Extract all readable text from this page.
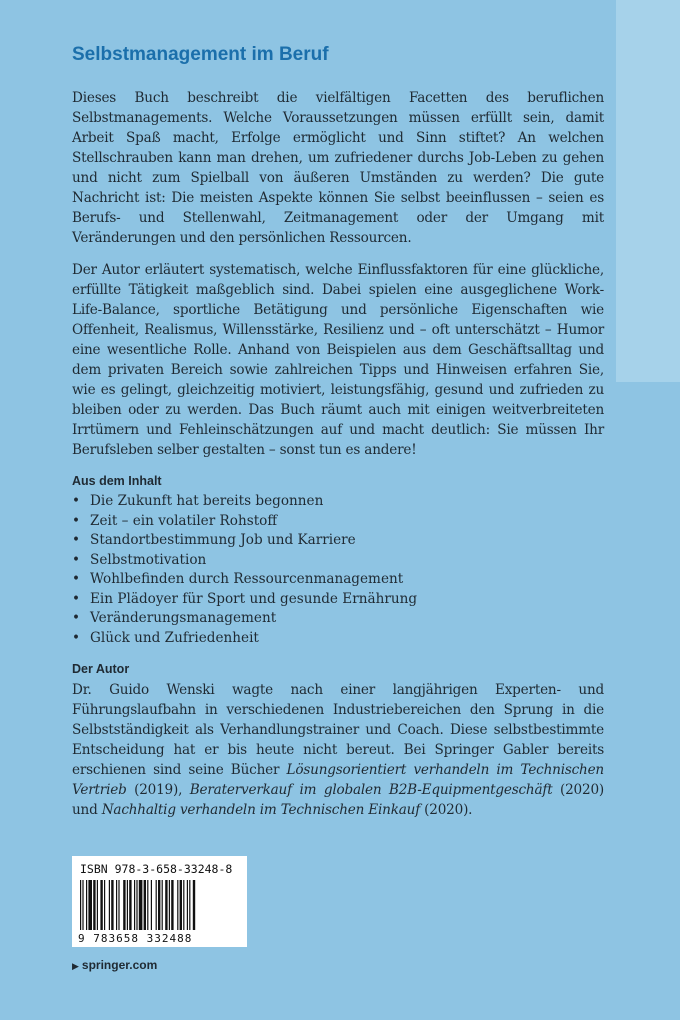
Selbstmanagement im Beruf

Dieses Buch beschreibt die vielfältigen Facetten des beruflichen Selbstmanagements. Welche Voraussetzungen müssen erfüllt sein, damit Arbeit Spaß macht, Erfolge ermöglicht und Sinn stiftet? An welchen Stellschrauben kann man drehen, um zufriedener durchs Job-Leben zu gehen und nicht zum Spielball von äußeren Umständen zu werden? Die gute Nachricht ist: Die meisten Aspekte können Sie selbst beeinflussen – seien es Berufs- und Stellenwahl, Zeitmanagement oder der Umgang mit Veränderungen und den persönlichen Ressourcen.

Der Autor erläutert systematisch, welche Einflussfaktoren für eine glückliche, erfüllte Tätigkeit maßgeblich sind. Dabei spielen eine ausgeglichene Work-Life-Balance, sportliche Betätigung und persönliche Eigenschaften wie Offenheit, Realismus, Willensstärke, Resilienz und – oft unterschätzt – Humor eine wesentliche Rolle. Anhand von Beispielen aus dem Geschäftsalltag und dem privaten Bereich sowie zahlreichen Tipps und Hinweisen erfahren Sie, wie es gelingt, gleichzeitig motiviert, leistungsfähig, gesund und zufrieden zu bleiben oder zu werden. Das Buch räumt auch mit einigen weitverbreiteten Irrtümern und Fehleinschätzungen auf und macht deutlich: Sie müssen Ihr Berufsleben selber gestalten – sonst tun es andere!

Aus dem Inhalt
• Die Zukunft hat bereits begonnen
• Zeit – ein volatiler Rohstoff
• Standortbestimmung Job und Karriere
• Selbstmotivation
• Wohlbefinden durch Ressourcenmanagement
• Ein Plädoyer für Sport und gesunde Ernährung
• Veränderungsmanagement
• Glück und Zufriedenheit
Der Autor

Dr. Guido Wenski wagte nach einer langjährigen Experten- und Führungslaufbahn in verschiedenen Industriebereichen den Sprung in die Selbstständigkeit als Verhandlungstrainer und Coach. Diese selbstbestimmte Entscheidung hat er bis heute nicht bereut. Bei Springer Gabler bereits erschienen sind seine Bücher Lösungsorientiert verhandeln im Technischen Vertrieb (2019), Beraterverkauf im globalen B2B-Equipmentgeschäft (2020) und Nachhaltig verhandeln im Technischen Einkauf (2020).

ISBN 978-3-658-33248-8
9 783658 332488
▶ springer.com
